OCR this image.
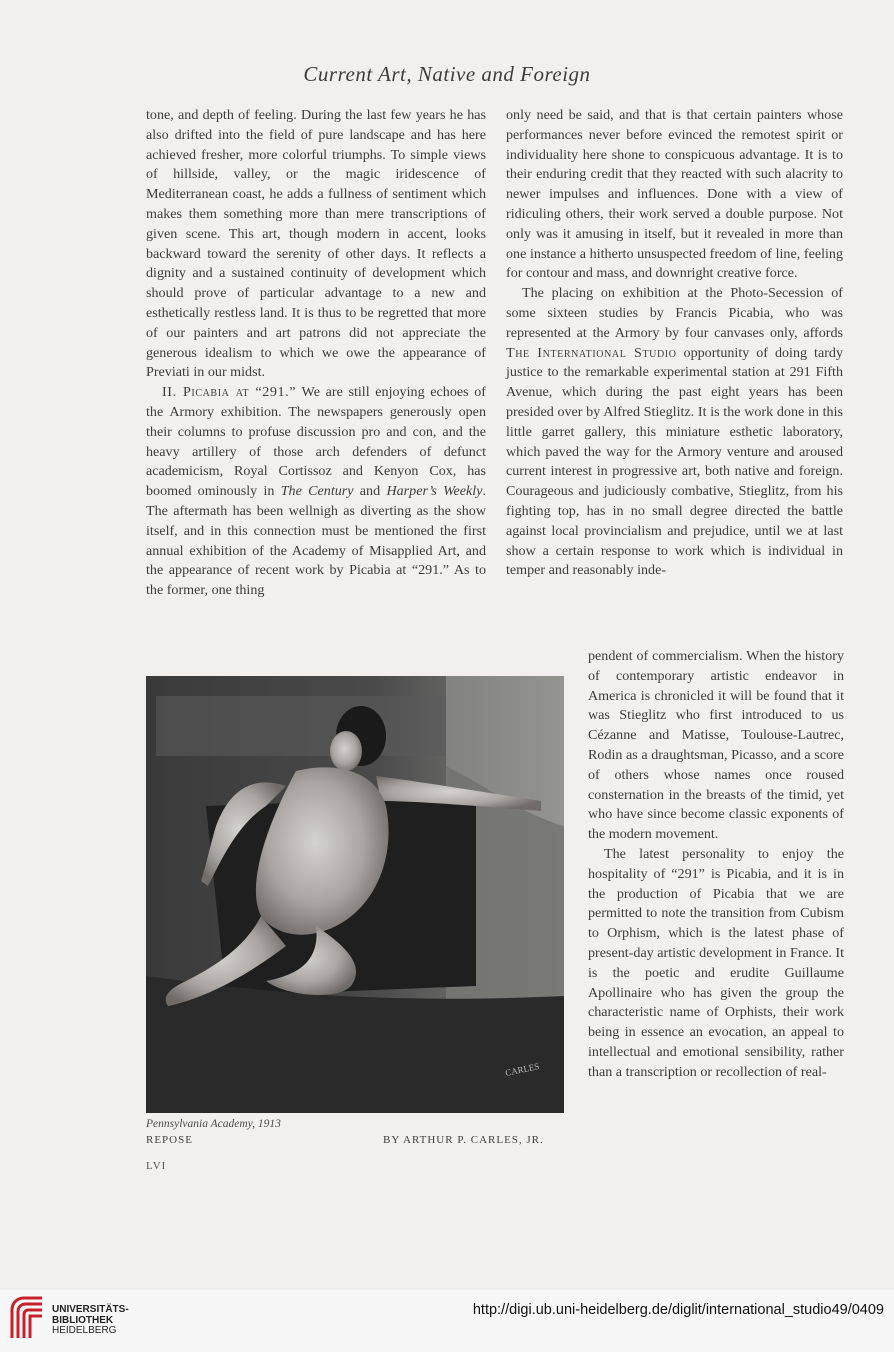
Current Art, Native and Foreign

tone, and depth of feeling. During the last few years he has also drifted into the field of pure landscape and has here achieved fresher, more colorful triumphs. To simple views of hillside, valley, or the magic iridescence of Mediterranean coast, he adds a fullness of sentiment which makes them something more than mere transcriptions of given scene. This art, though modern in accent, looks backward toward the serenity of other days. It reflects a dignity and a sustained continuity of development which should prove of particular advantage to a new and esthetically restless land. It is thus to be regretted that more of our painters and art patrons did not appreciate the generous idealism to which we owe the appearance of Previati in our midst.

II. Picabia at “291.” We are still enjoying echoes of the Armory exhibition. The newspapers generously open their columns to profuse discussion pro and con, and the heavy artillery of those arch defenders of defunct academicism, Royal Cortissoz and Kenyon Cox, has boomed ominously in The Century and Harper’s Weekly. The aftermath has been wellnigh as diverting as the show itself, and in this connection must be mentioned the first annual exhibition of the Academy of Misapplied Art, and the appearance of recent work by Picabia at “291.” As to the former, one thing

only need be said, and that is that certain painters whose performances never before evinced the remotest spirit or individuality here shone to conspicuous advantage. It is to their enduring credit that they reacted with such alacrity to newer impulses and influences. Done with a view of ridiculing others, their work served a double purpose. Not only was it amusing in itself, but it revealed in more than one instance a hitherto unsuspected freedom of line, feeling for contour and mass, and downright creative force.

The placing on exhibition at the Photo-Secession of some sixteen studies by Francis Picabia, who was represented at the Armory by four canvases only, affords The International Studio opportunity of doing tardy justice to the remarkable experimental station at 291 Fifth Avenue, which during the past eight years has been presided over by Alfred Stieglitz. It is the work done in this little garret gallery, this miniature esthetic laboratory, which paved the way for the Armory venture and aroused current interest in progressive art, both native and foreign. Courageous and judiciously combative, Stieglitz, from his fighting top, has in no small degree directed the battle against local provincialism and prejudice, until we at last show a certain response to work which is individual in temper and reasonably inde-

pendent of commercialism. When the history of contemporary artistic endeavor in America is chronicled it will be found that it was Stieglitz who first introduced to us Cézanne and Matisse, Toulouse-Lautrec, Rodin as a draughtsman, Picasso, and a score of others whose names once roused consternation in the breasts of the timid, yet who have since become classic exponents of the modern movement.

The latest personality to enjoy the hospitality of “291” is Picabia, and it is in the production of Picabia that we are permitted to note the transition from Cubism to Orphism, which is the latest phase of present-day artistic development in France. It is the poetic and erudite Guillaume Apollinaire who has given the group the characteristic name of Orphists, their work being in essence an evocation, an appeal to intellectual and emotional sensibility, rather than a transcription or recollection of real-

CARLES
Pennsylvania Academy, 1913
REPOSE	BY ARTHUR P. CARLES, JR.
LVI
UNIVERSITÄTS-
BIBLIOTHEK
HEIDELBERG
http://digi.ub.uni-heidelberg.de/diglit/international_studio49/0409
